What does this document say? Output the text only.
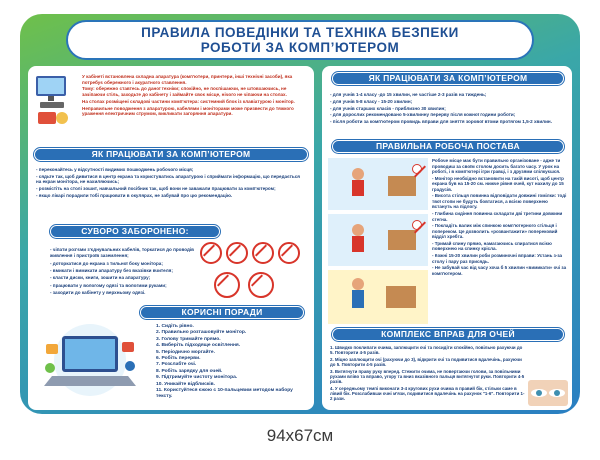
ПРАВИЛА ПОВЕДІНКИ ТА ТЕХНІКА БЕЗПЕКИ
РОБОТИ ЗА КОМП’ЮТЕРОМ

У кабінеті встановлена складна апаратура (комп'ютери, принтери, інші технічні засоби), яка потребує обережного і акуратного ставлення.

Тому: обережно ставтесь до даної техніки; спокійно, не поспішаючи, не штовхаючись, не зачіпаючи стіль, заходьте до кабінету і займайте своє місце, нічого не чіпаючи на столах.

На столах розміщені складові частини комп'ютера: системний блок із клавіатурою і монітор.

Неправильне поводження з апаратурою, кабелями і моніторами може призвести до тяжкого ураження електричним струмом, викликати загоряння апаратури.

ЯК ПРАЦЮВАТИ ЗА КОМП’ЮТЕРОМ

- переконайтесь у відсутності видимих пошкоджень робочого місця;

- сядьте так, щоб дивитися в центр екрана та користуватись апаратурою і сприймати інформацію, що передається на екран монітора, не нахиляючись;

- розмістіть на столі зошит, навчальний посібник так, щоб вони не заважали працювати за комп'ютером;

- якщо лікарі порадили тобі працювати в окулярах, не забувай про цю рекомендацію.

СУВОРО ЗАБОРОНЕНО:

- чіпати роз'єми з'єднувальних кабелів, торкатися до проводів живлення і пристроїв заземлення;

- доторкатися до екрана з тильної боку монітора;

- вмикати і вимикати апаратуру без вказівки вчителя;

- класти диски, книги, зошити на апаратуру;

- працювати у вологому одязі та вологими руками;

- заходити до кабінету у верхньому одязі.

КОРИСНІ ПОРАДИ

1. Сидіть рівно.

2. Правильно розташовуйте монітор.

3. Голову тримайте прямо.

4. Виберіть підходяще освітлення.

5. Періодично моргайте.

6. Робіть перерви.

7. Розслабте очі.

8. Робіть зарядку для очей.

9. Підтримуйте чистоту монітора.

10. Уникайте відблисків.

11. Користуйтеся єжою с 10-пальцевим методом набору тексту.

ЯК ПРАЦЮВАТИ ЗА КОМП’ЮТЕРОМ

- для учнів 1-4 класу -до 15 хвилин, не частіше 2-3 разів на тиждень;

- для учнів 5-8 класу - 15-20 хвилин;

- для учнів старших класів - приблизно 30 хвилин;

- для дорослих рекомендовано 5-хвилинну перерву після кожної години роботи;

- після роботи за комп'ютером провидь вправи для зняття зорової втоми протягом 1,5-2 хвилин.

ПРАВИЛЬНА РОБОЧА ПОСТАВА

Робоче місце має бути правильно організоване - адже ти проводиш за своїм столом досить багато часу. У урок на роботі, і в комп'ютері ігри гравці, і з друзями спілкуєшся.

- Монітор необхідно встановити на такій висоті, щоб центр екрана був на 15-20 см. нижче рівня очей, кут нахилу до 15 градусів.

- Висота стільця повинна відповідати довжині гомілки: тоді твої стопи не будуть бовтатися, а всією поверхнею встануть на підлогу.

- Глибина сидіння повинна складати дві третини довжини стегна.

- Покладіть валик між спинкою комп'ютерного стільця і попереком. Це дозволить «розвантажити» поперековий відділ хребта.

- Тримай спину прямо, намагаючись спиратися всією поверхнею на спинку крісла.

- Кожні 15-20 хвилин роби розминочні вправи: Устань з-за столу і пару раз присядь.

- Не забувай час від часу хоча б 5 хвилин «вимикати» очі за комп'ютером.

КОМПЛЕКС ВПРАВ ДЛЯ ОЧЕЙ

1. Швидко поклипати очима, заплющити очі та посидіти спокійно, повільно рахуючи до 5. Повторити 4-5 разів.

2. Міцно заплющити очі (рахуючи до 3), відкрити очі та подивитися вдалечінь, рахуючи до 5. Повторити 4-5 разів.

3. Витягнути праву руку вперед. Стежити очима, не повертаючи голови, за повільними рухами вліво та вправо, угору та вниз вказівного пальця витягнутої руки. Повторити 4-5 разів.

4. У середньому темпі виконати 3-4 кругових рухи очима в правий бік, стільки саме в лівий бік. Розслабивши очні м'язи, подивитися вдалечінь на рахунок "1-6". Повторити 1-2 рази.

94x67см
